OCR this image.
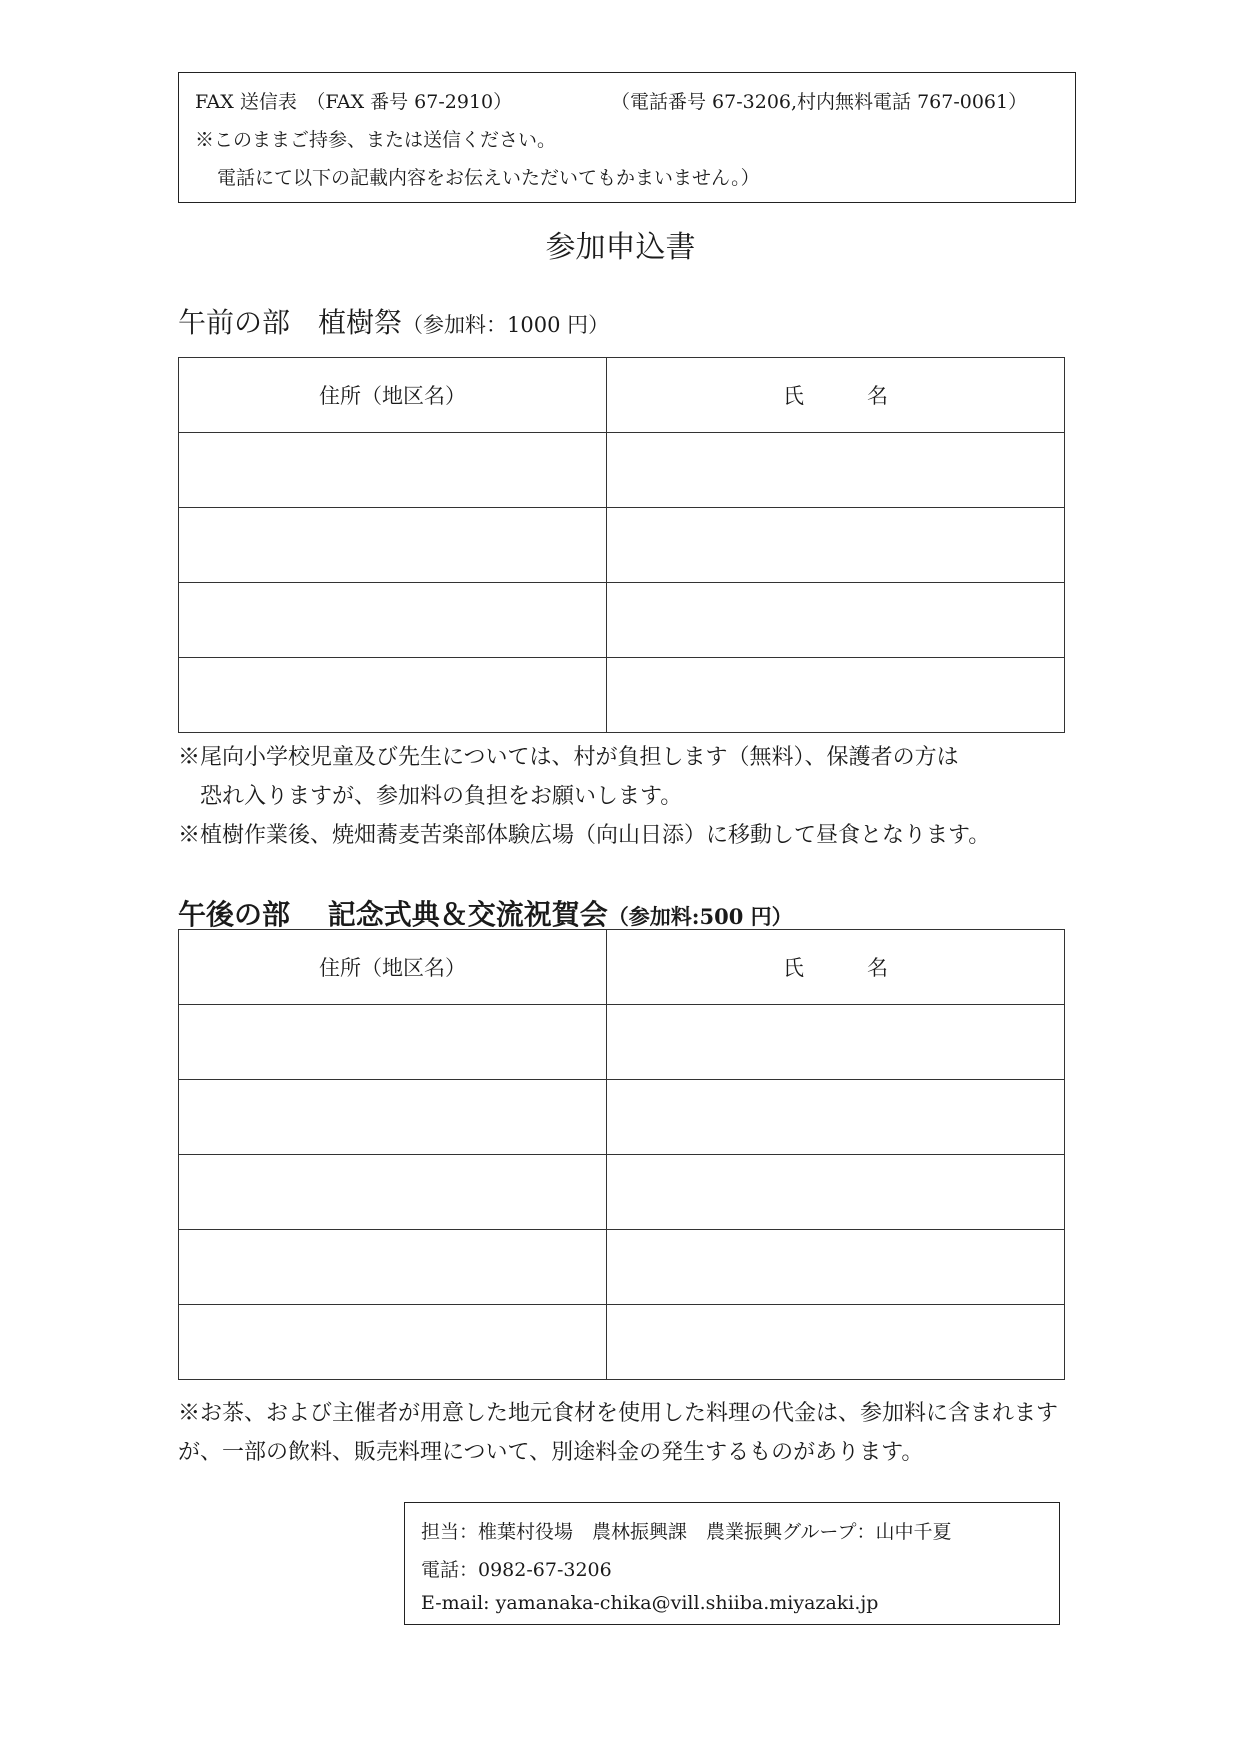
FAX 送信表　（FAX 番号 67-2910）	（電話番号 67-3206,村内無料電話 767-0061）
※このままご持参、または送信ください。
電話にて以下の記載内容をお伝えいただいてもかまいません。）
参加申込書
午前の部　植樹祭（参加料：1000 円）
住所（地区名）	氏　　　名

※尾向小学校児童及び先生については、村が負担します（無料）、保護者の方は
恐れ入りますが、参加料の負担をお願いします。
※植樹作業後、焼畑蕎麦苦楽部体験広場（向山日添）に移動して昼食となります。
午後の部　 記念式典＆交流祝賀会（参加料:500 円）
住所（地区名）	氏　　　名

※お茶、および主催者が用意した地元食材を使用した料理の代金は、参加料に含まれますが、一部の飲料、販売料理について、別途料金の発生するものがあります。
担当：椎葉村役場　農林振興課　農業振興グループ：山中千夏
電話：0982-67-3206
E-mail: yamanaka-chika@vill.shiiba.miyazaki.jp
